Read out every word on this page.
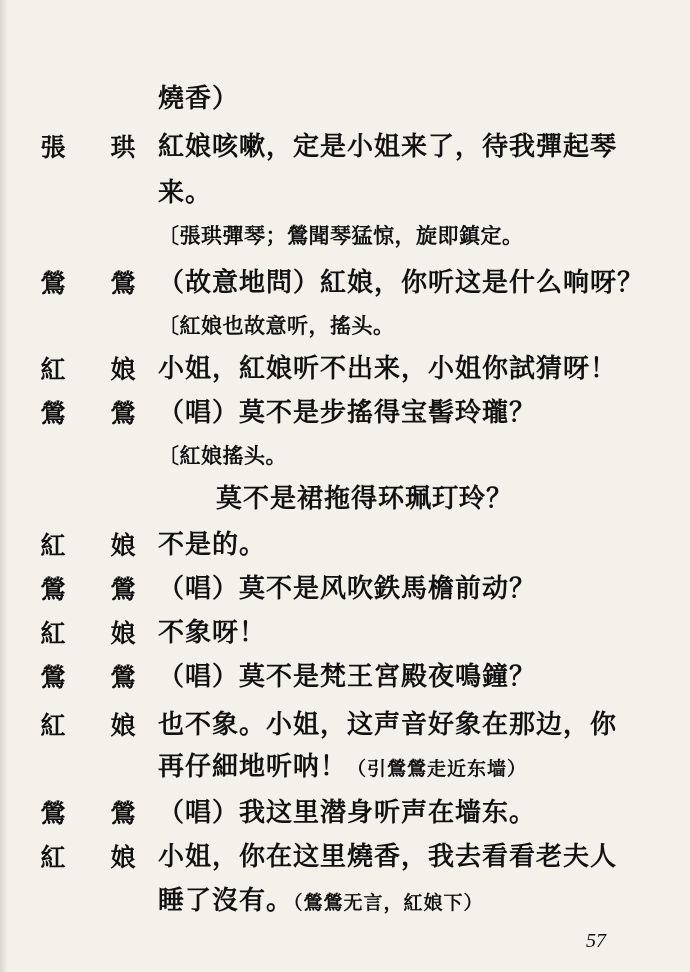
燒香）
張 珙 紅娘咳嗽，定是小姐来了，待我彈起琴
来。
〔張珙彈琴；鶯聞琴猛惊，旋即鎮定。
鶯 鶯 （故意地問）紅娘，你听这是什么响呀？
〔紅娘也故意听，搖头。
紅 娘 小姐，紅娘听不出来，小姐你試猜呀！
鶯 鶯 （唱）莫不是步搖得宝髻玲瓏？
〔紅娘搖头。
莫不是裙拖得环珮玎玲？
紅 娘 不是的。
鶯 鶯 （唱）莫不是风吹鉄馬檐前动？
紅 娘 不象呀！
鶯 鶯 （唱）莫不是梵王宮殿夜鳴鐘？
紅 娘 也不象。小姐，这声音好象在那边，你
再仔細地听呐！（引鶯鶯走近东墙）
鶯 鶯 （唱）我这里潜身听声在墙东。
紅 娘 小姐，你在这里燒香，我去看看老夫人
睡了沒有。（鶯鶯无言，紅娘下）
57
